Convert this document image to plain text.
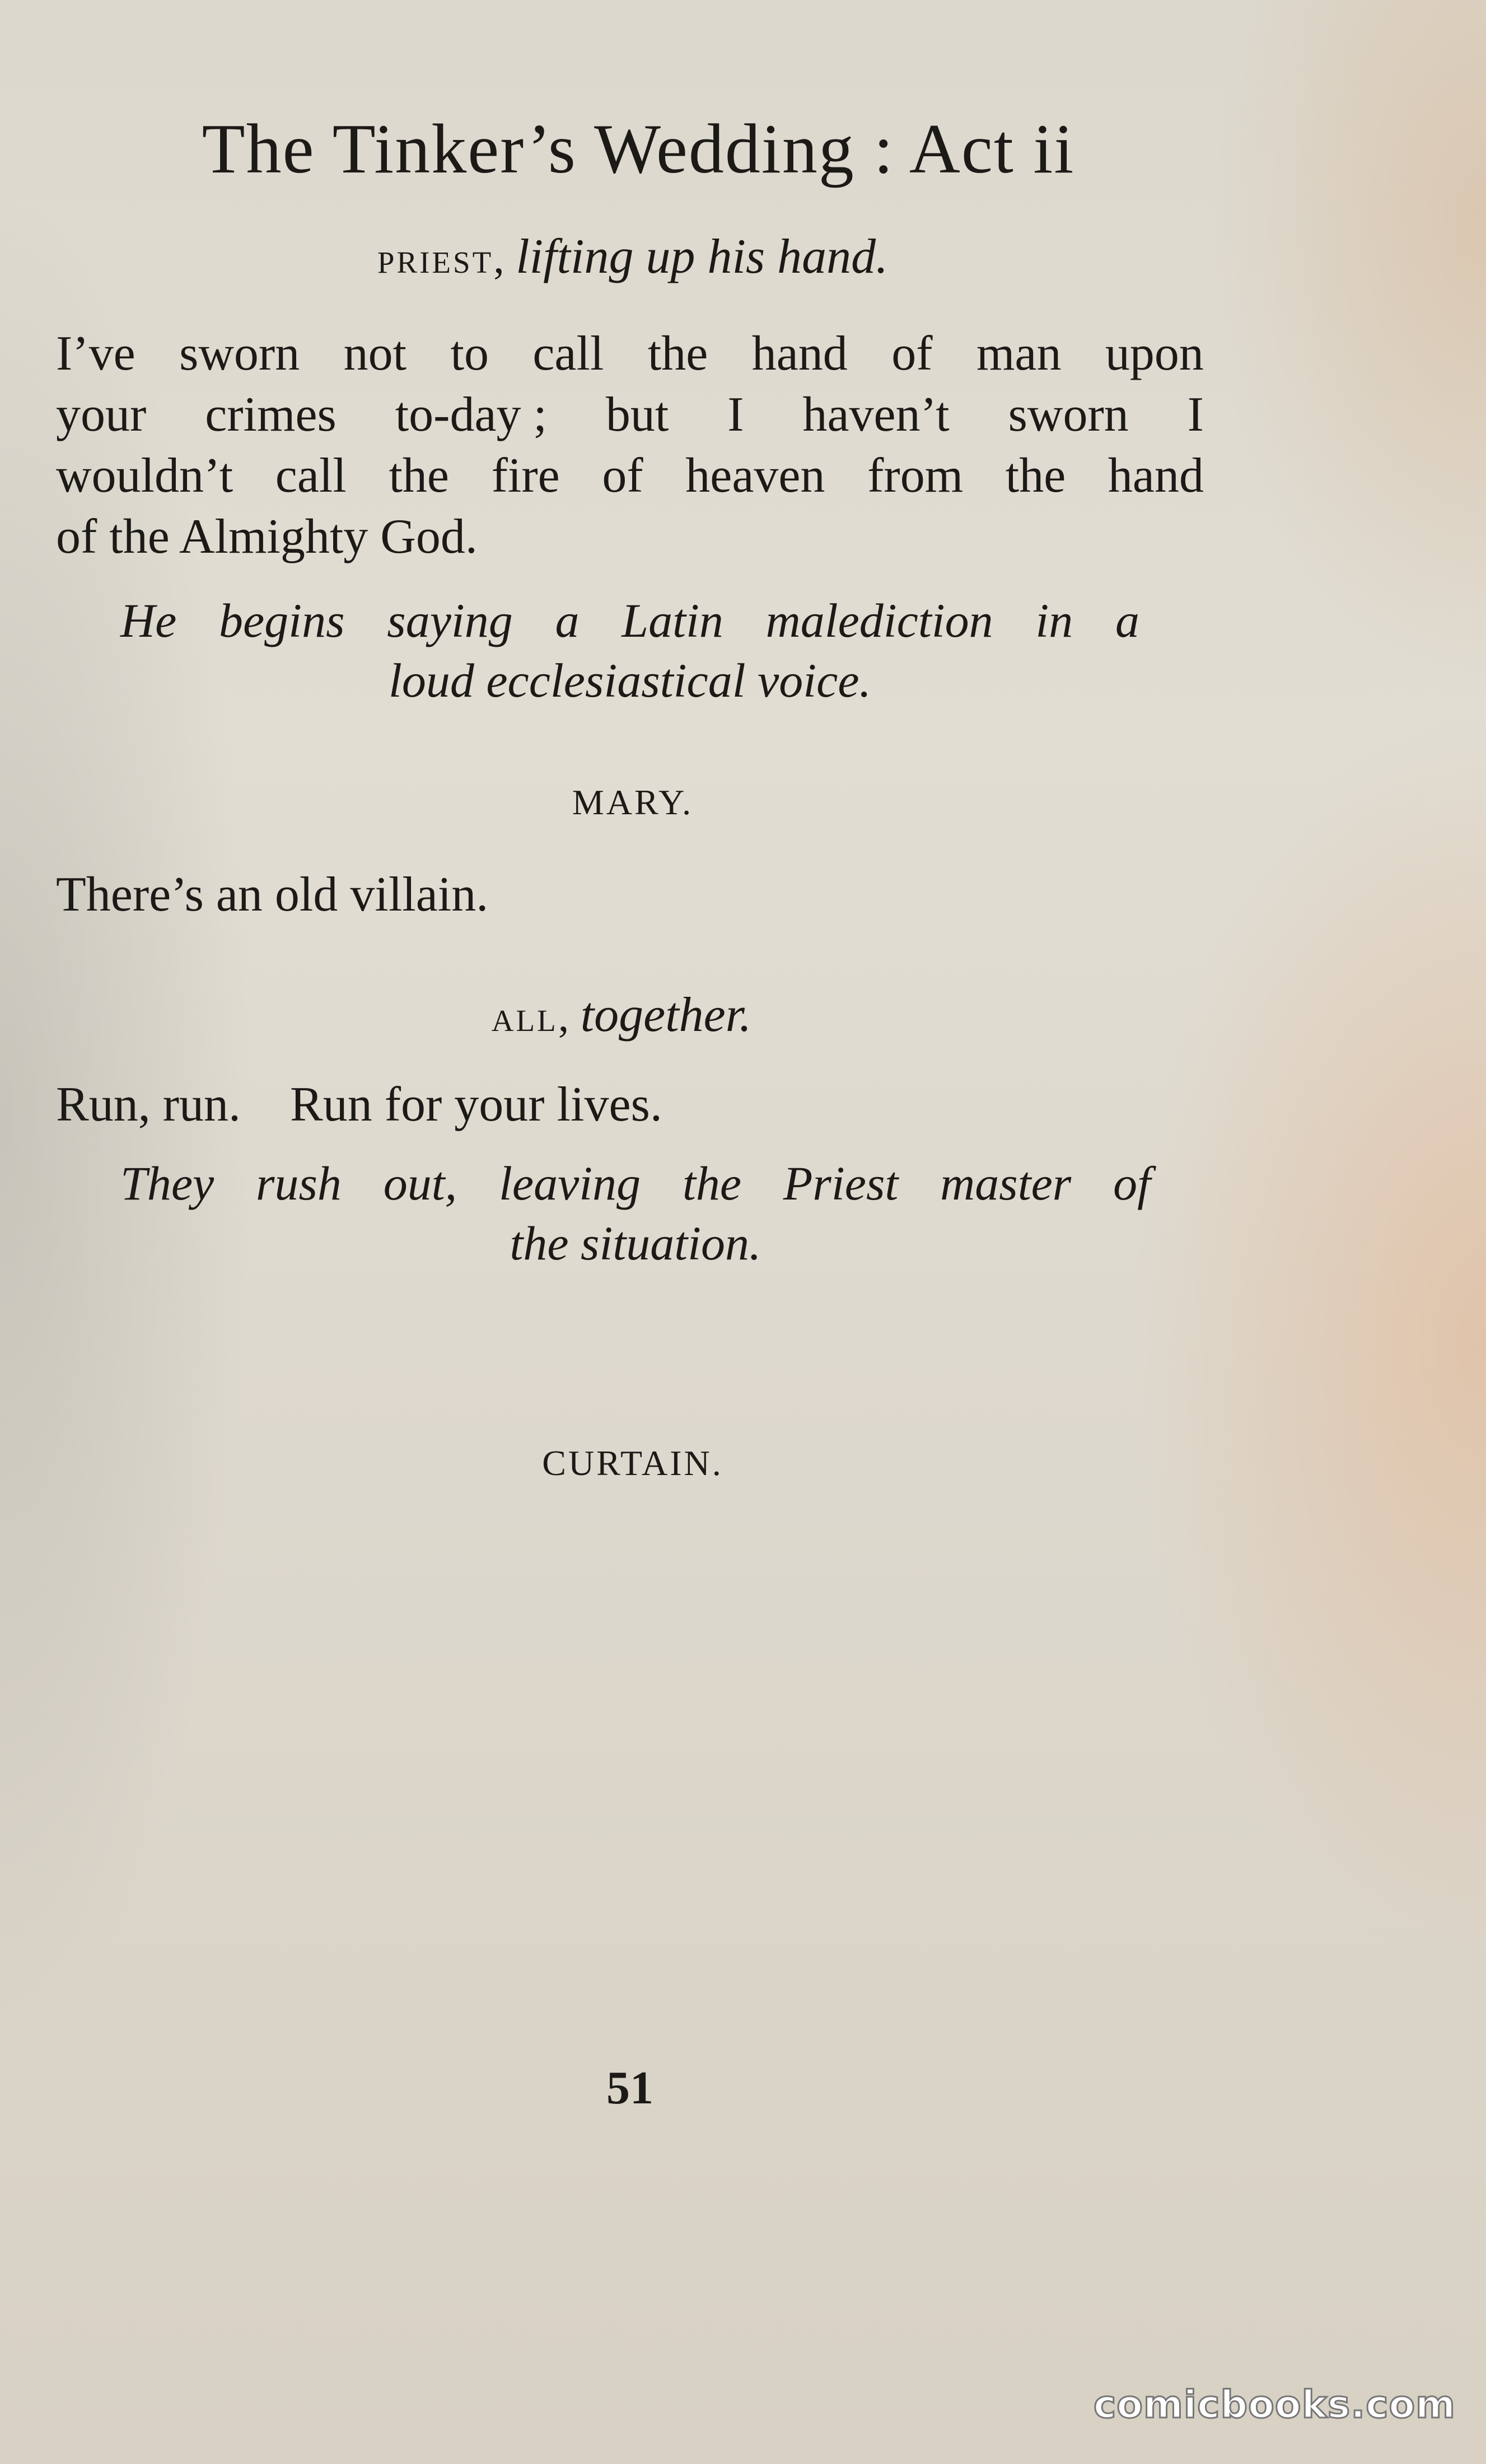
The Tinker’s Wedding : Act ii
priest, lifting up his hand.
I’ve sworn not to call the hand of man upon
your crimes to-day ; but I haven’t sworn I
wouldn’t call the fire of heaven from the hand
of the Almighty God.
He begins saying a Latin malediction in a
loud ecclesiastical voice.
MARY.
There’s an old villain.
all, together.
Run, run.    Run for your lives.
They rush out, leaving the Priest master of
the situation.
CURTAIN.
51
comicbooks.com
